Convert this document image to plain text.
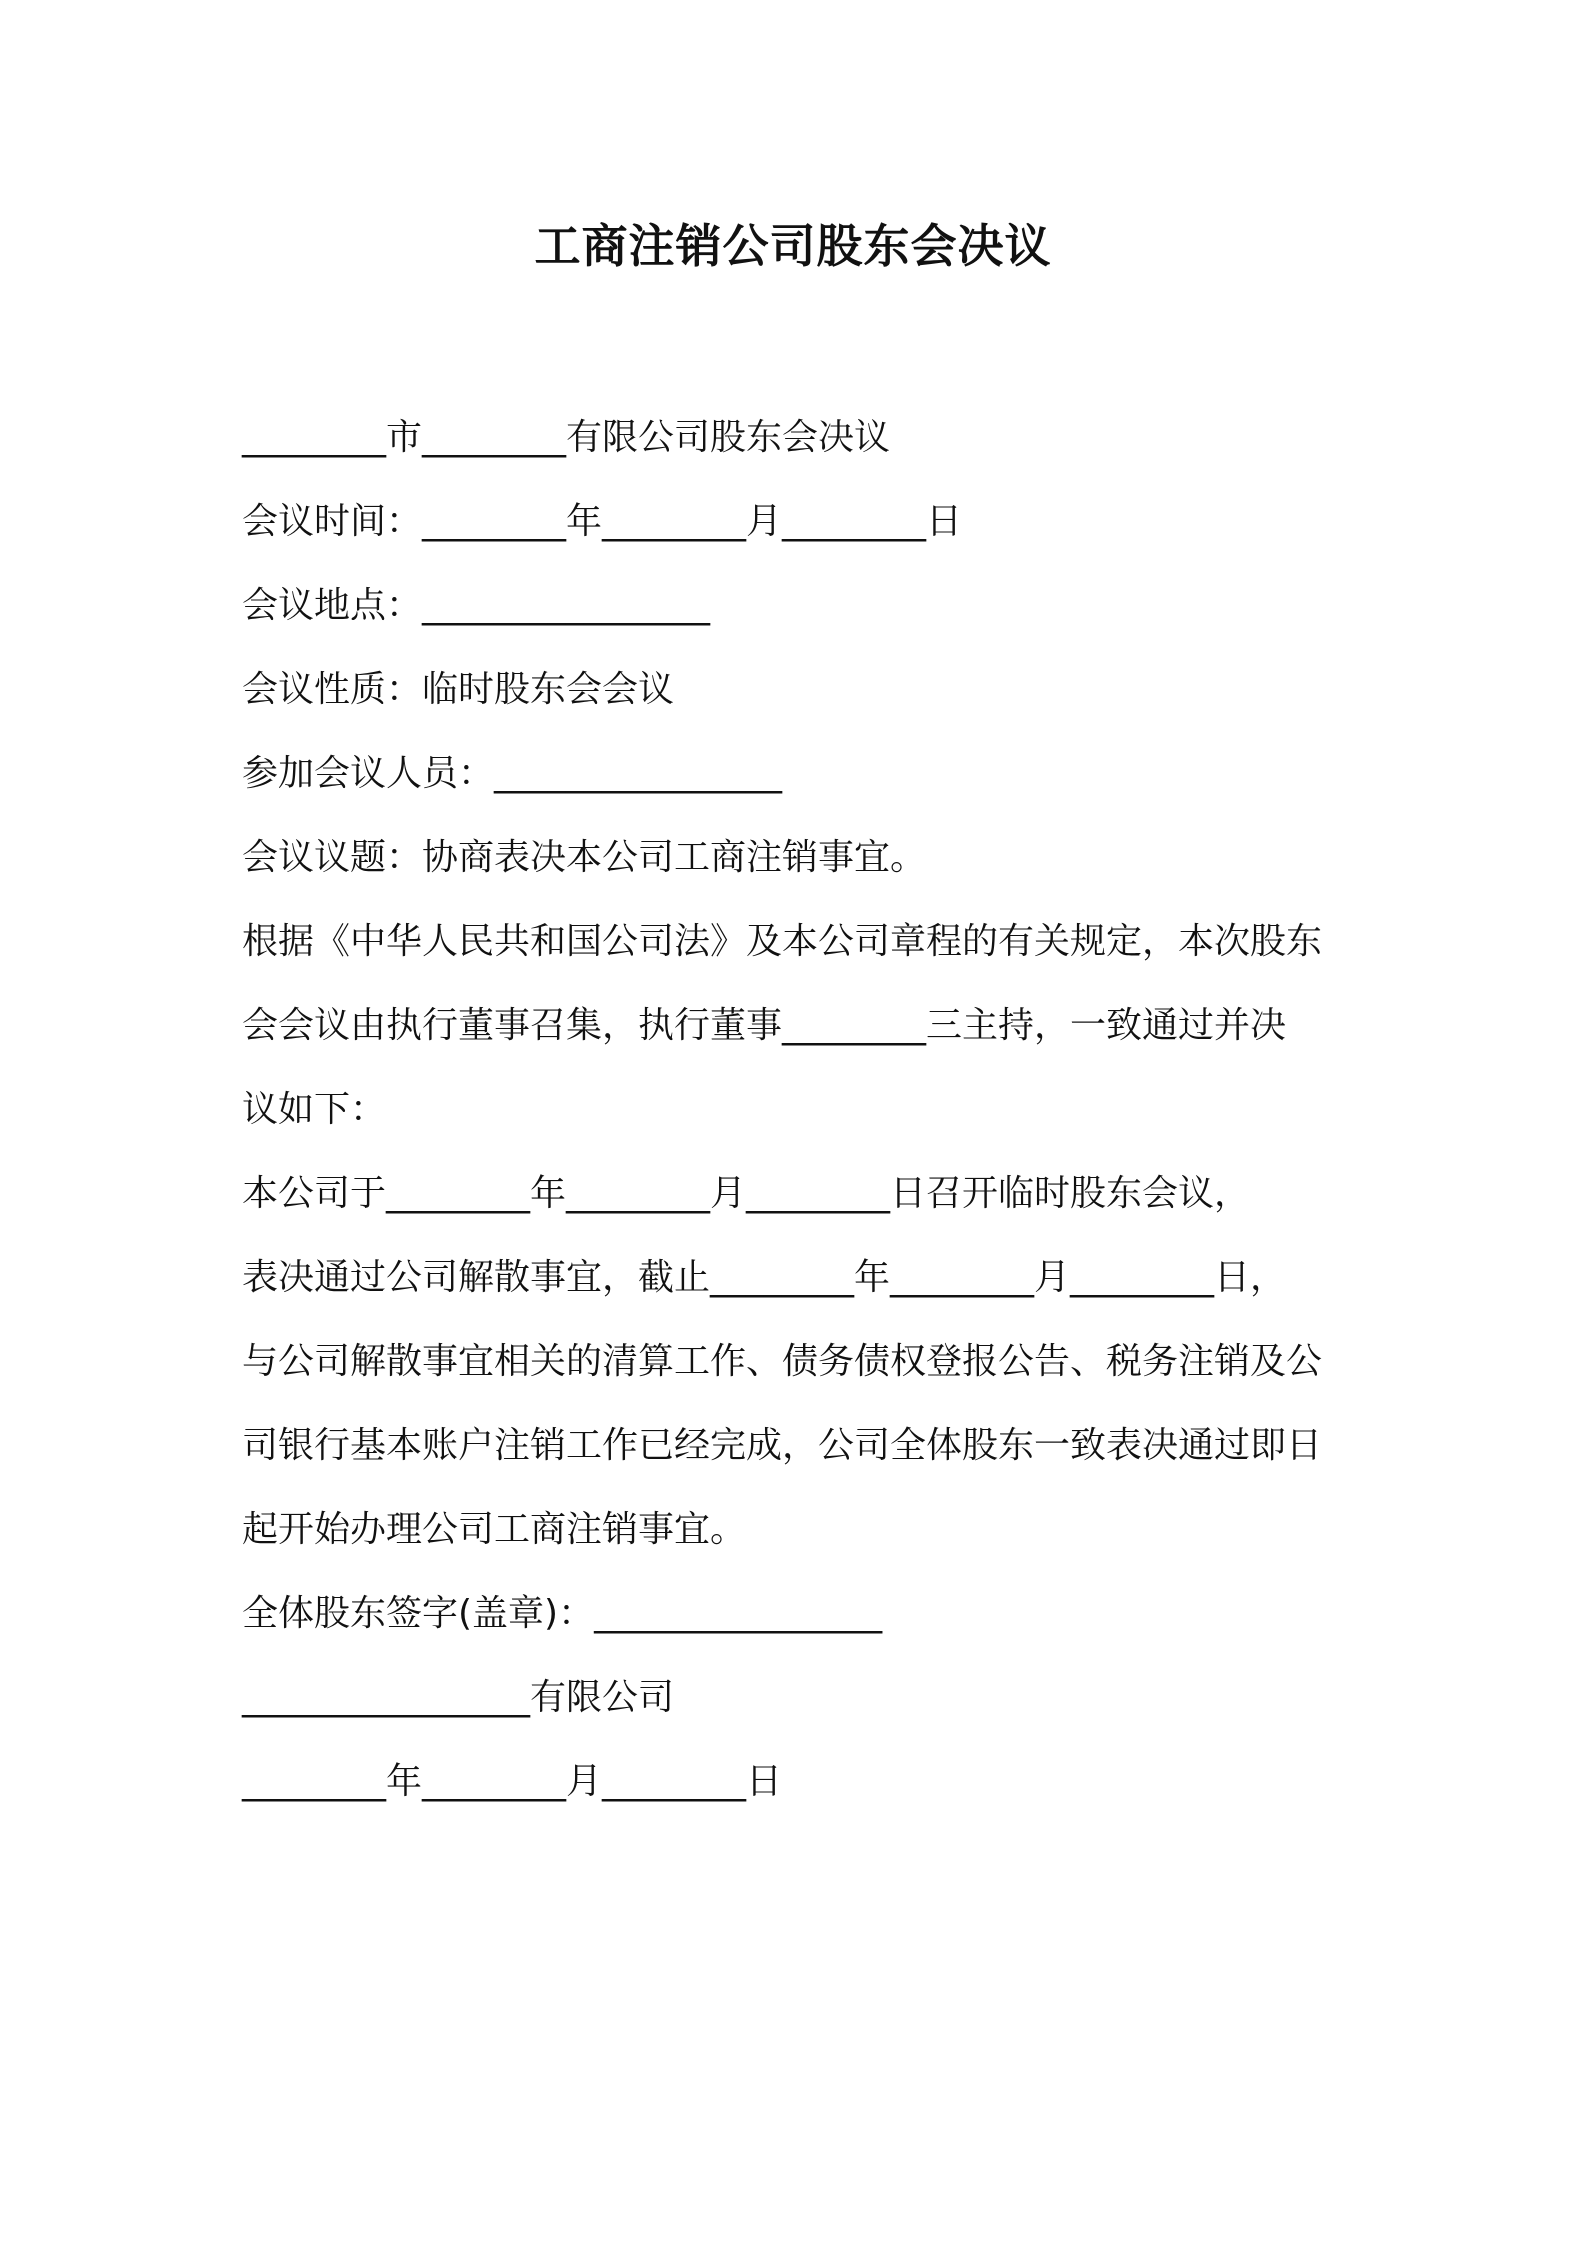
工商注销公司股东会决议

________市________有限公司股东会决议

会议时间：________年________月________日

会议地点：________________

会议性质：临时股东会会议

参加会议人员：________________

会议议题：协商表决本公司工商注销事宜。

根据《中华人民共和国公司法》及本公司章程的有关规定，本次股东

会会议由执行董事召集，执行董事________三主持，一致通过并决

议如下：

本公司于________年________月________日召开临时股东会议，

表决通过公司解散事宜，截止________年________月________日，

与公司解散事宜相关的清算工作、债务债权登报公告、税务注销及公

司银行基本账户注销工作已经完成，公司全体股东一致表决通过即日

起开始办理公司工商注销事宜。

全体股东签字(盖章)：________________

________________有限公司

________年________月________日
